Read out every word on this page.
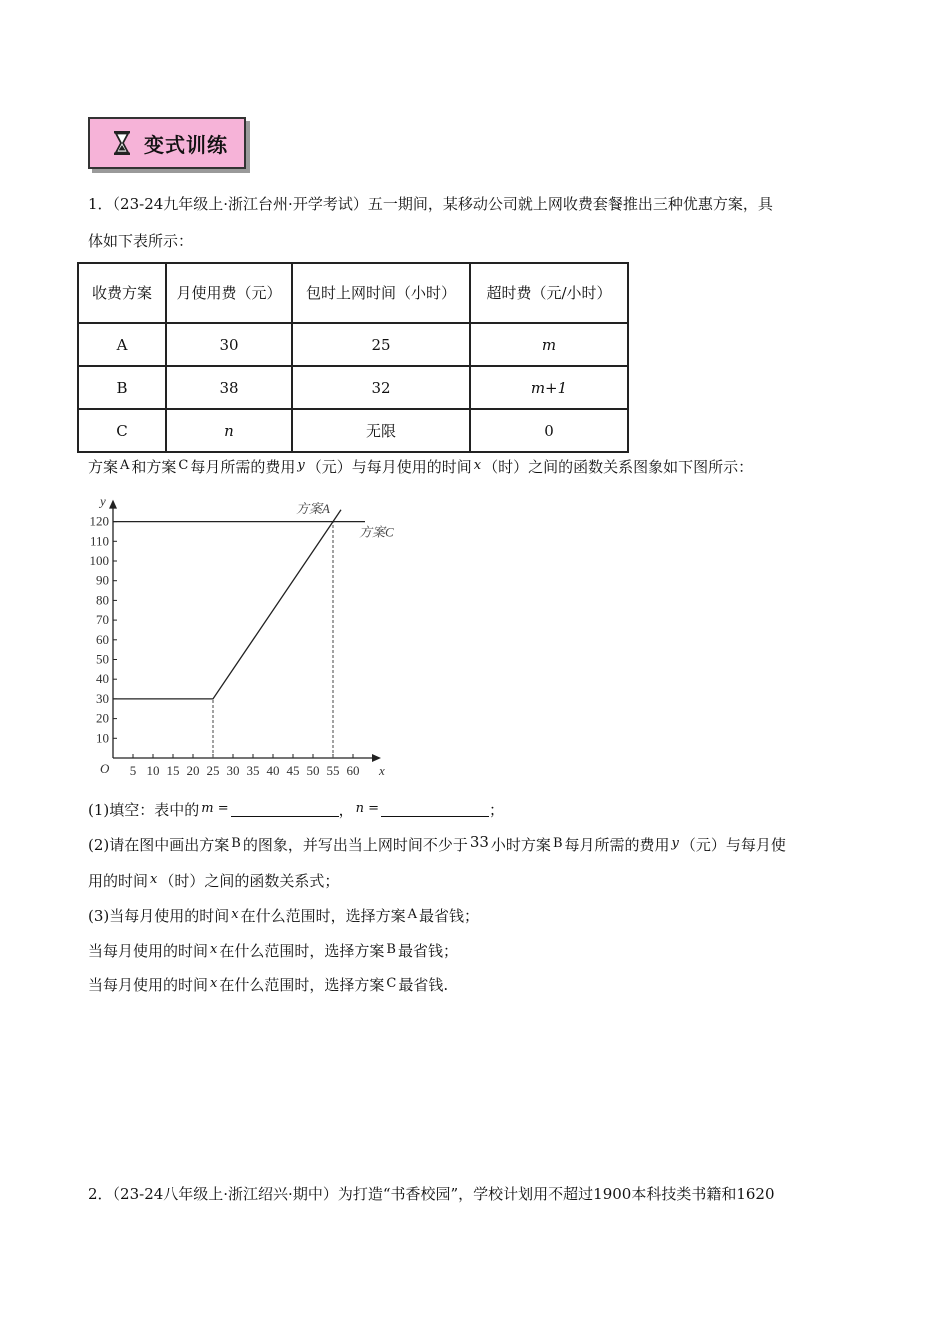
变式训练
1．（23-24九年级上·浙江台州·开学考试）五一期间，某移动公司就上网收费套餐推出三种优惠方案，具
体如下表所示：
收费方案	月使用费（元）	包时上网时间（小时）	超时费（元/小时）
A	30	25	m
B	38	32	m+1
C	n	无限	0
方案 A 和方案 C 每月所需的费用 y （元）与每月使用的时间 x （时）之间的函数关系图象如下图所示：
x
y
O 5 10 15 20 25 30 35 40 45 50 55 60
10
20
30
40
50
60
70
80
90
100
110
120
方案A
方案C
(1)填空：表中的 m =	， n =	；
(2)请在图中画出方案 B 的图象，并写出当上网时间不少于 33 小时方案 B 每月所需的费用 y （元）与每月使
用的时间 x （时）之间的函数关系式；
(3)当每月使用的时间 x 在什么范围时，选择方案 A 最省钱；
当每月使用的时间 x 在什么范围时，选择方案 B 最省钱；
当每月使用的时间 x 在什么范围时，选择方案 C 最省钱.
2．（23-24八年级上·浙江绍兴·期中）为打造“书香校园”，学校计划用不超过1900本科技类书籍和1620
